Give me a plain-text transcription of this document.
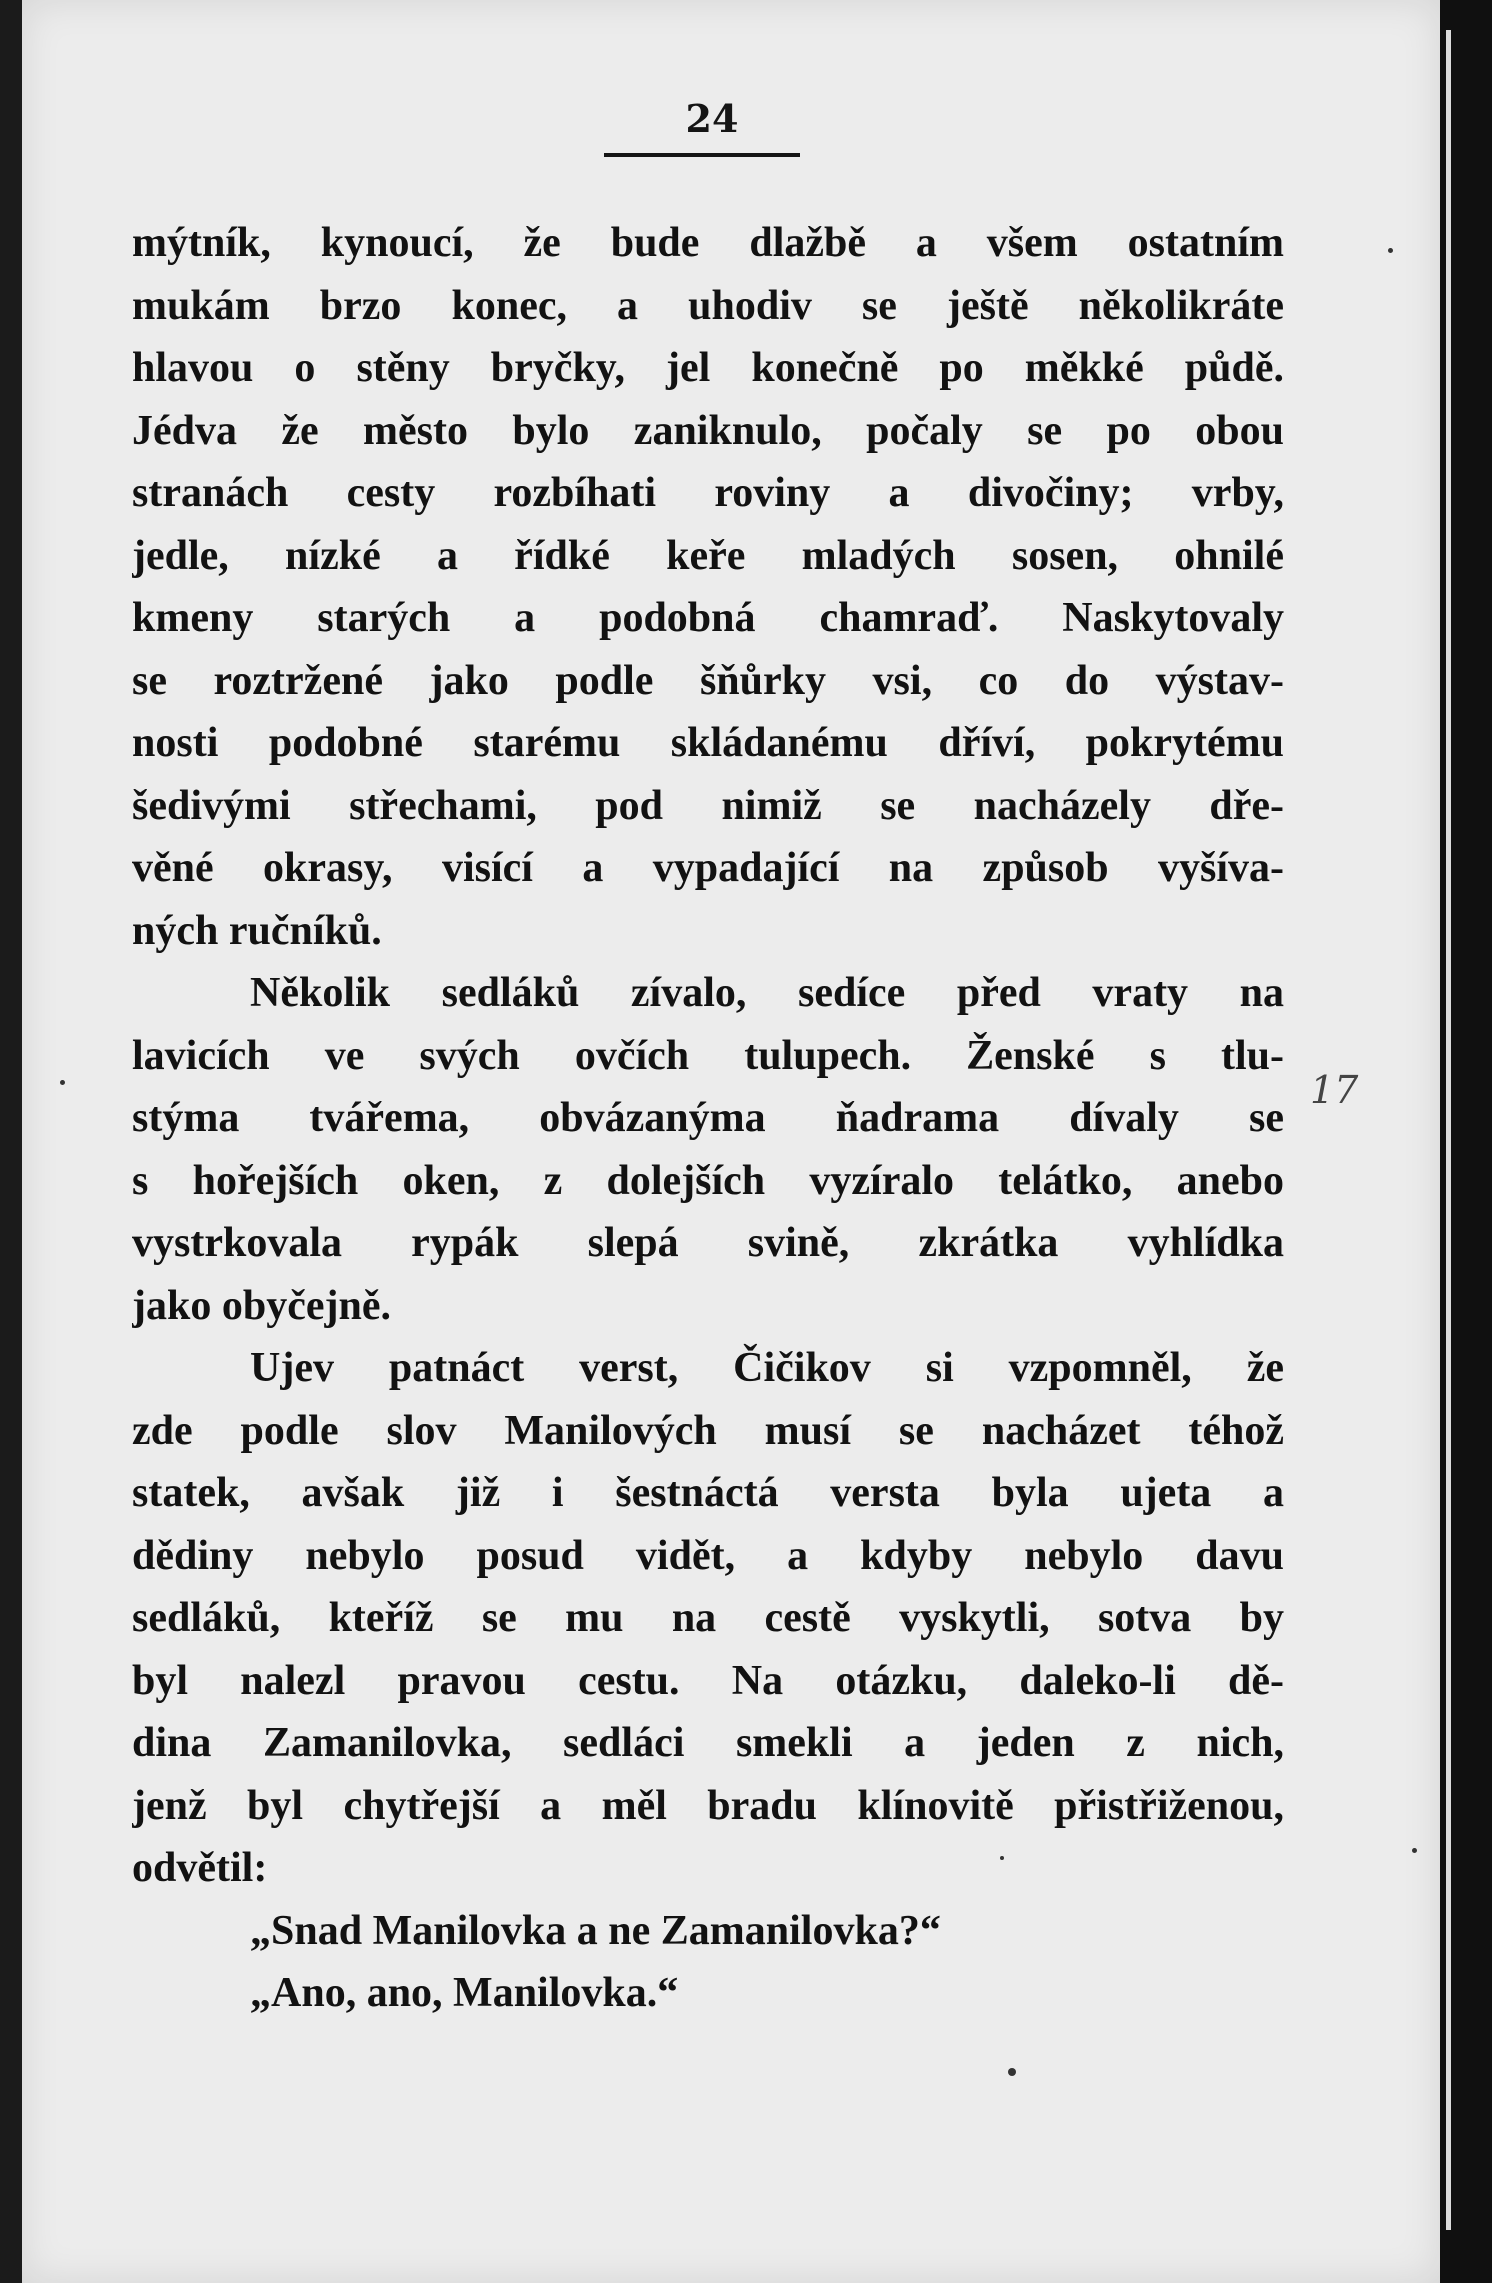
24
mýtník, kynoucí, že bude dlažbě a všem ostatním
mukám brzo konec, a uhodiv se ještě několikráte
hlavou o stěny bryčky, jel konečně po měkké půdě.
Jédva že město bylo zaniknulo, počaly se po obou
stranách cesty rozbíhati roviny a divočiny; vrby,
jedle, nízké a řídké keře mladých sosen, ohnilé
kmeny starých a podobná chamraď. Naskytovaly
se roztržené jako podle šňůrky vsi, co do výstav-
nosti podobné starému skládanému dříví, pokrytému
šedivými střechami, pod nimiž se nacházely dře-
věné okrasy, visící a vypadající na způsob vyšíva-
ných ručníků.
Několik sedláků zívalo, sedíce před vraty na
lavicích ve svých ovčích tulupech. Ženské s tlu-
stýma tvářema, obvázanýma ňadrama dívaly se
s hořejších oken, z dolejších vyzíralo telátko, anebo
vystrkovala rypák slepá svině, zkrátka vyhlídka
jako obyčejně.
Ujev patnáct verst, Čičikov si vzpomněl, že
zde podle slov Manilových musí se nacházet téhož
statek, avšak již i šestnáctá versta byla ujeta a
dědiny nebylo posud vidět, a kdyby nebylo davu
sedláků, kteříž se mu na cestě vyskytli, sotva by
byl nalezl pravou cestu. Na otázku, daleko-li dě-
dina Zamanilovka, sedláci smekli a jeden z nich,
jenž byl chytřejší a měl bradu klínovitě přistřiženou,
odvětil:
„Snad Manilovka a ne Zamanilovka?“
„Ano, ano, Manilovka.“
17
